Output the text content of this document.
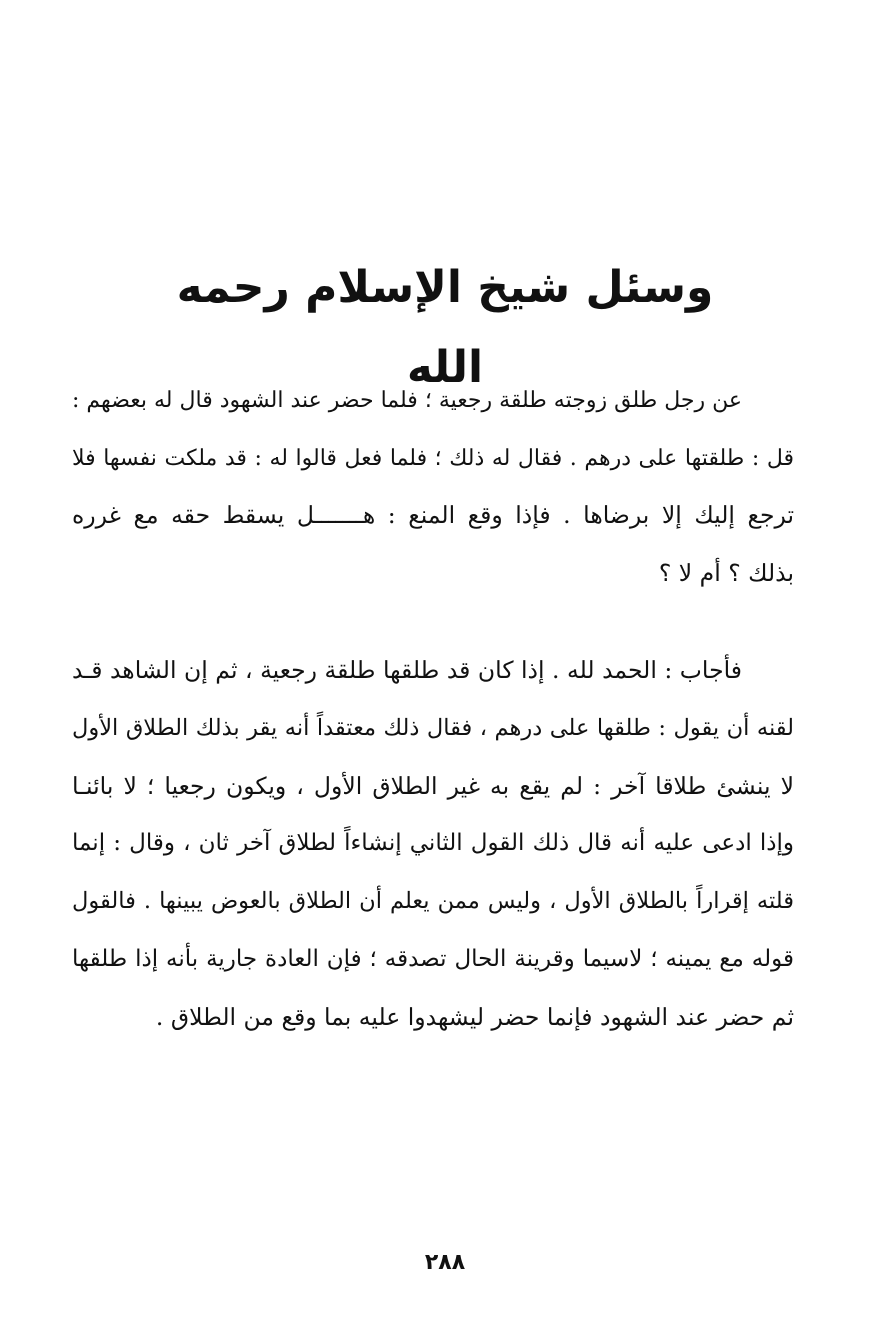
وسئل شيخ الإسلام رحمه الله
عن رجل طلق زوجته طلقة رجعية ؛ فلما حضر عند الشهود قال له بعضهم :
قل : طلقتها على درهم . فقال له ذلك ؛ فلما فعل قالوا له : قد ملكت نفسها فلا
ترجع إليك إلا برضاها . فإذا وقع المنع : هـــــــل يسقط حقه مع غرره
بذلك ؟ أم لا ؟
فأجاب : الحمد لله . إذا كان قد طلقها طلقة رجعية ، ثم إن الشاهد قـد
لقنه أن يقول : طلقها على درهم ، فقال ذلك معتقداً أنه يقر بذلك الطلاق الأول
لا ينشئ طلاقا آخر : لم يقع به غير الطلاق الأول ، ويكون رجعيا ؛ لا بائنـا
وإذا ادعى عليه أنه قال ذلك القول الثاني إنشاءاً لطلاق آخر ثان ، وقال : إنما
قلته إقراراً بالطلاق الأول ، وليس ممن يعلم أن الطلاق بالعوض يبينها . فالقول
قوله مع يمينه ؛ لاسيما وقرينة الحال تصدقه ؛ فإن العادة جارية بأنه إذا طلقها
ثم حضر عند الشهود فإنما حضر ليشهدوا عليه بما وقع من الطلاق .
٢٨٨
